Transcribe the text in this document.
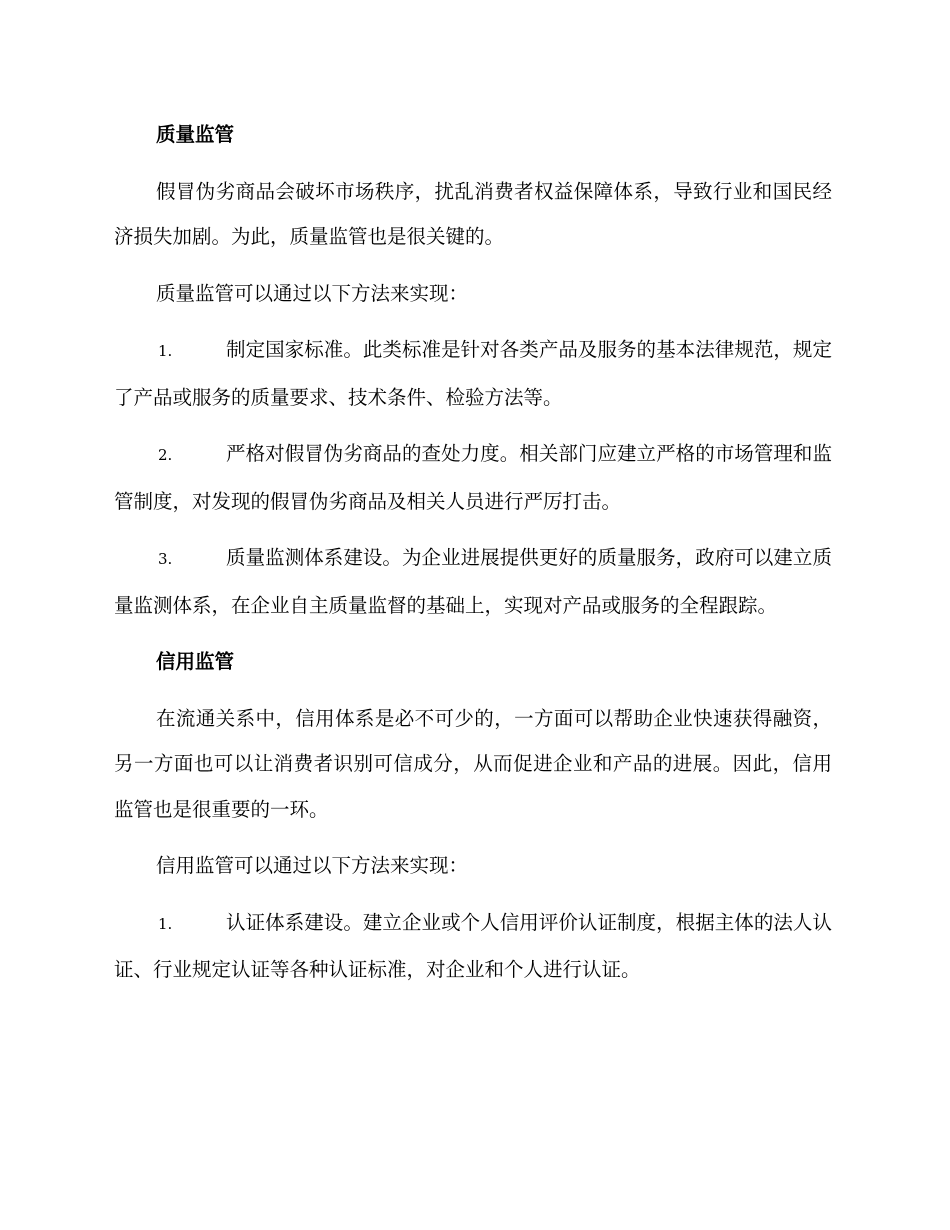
质量监管
假冒伪劣商品会破坏市场秩序，扰乱消费者权益保障体系，导致行业和国民经济损失加剧。为此，质量监管也是很关键的。
质量监管可以通过以下方法来实现：
1.	制定国家标准。此类标准是针对各类产品及服务的基本法律规范，规定了产品或服务的质量要求、技术条件、检验方法等。
2.	严格对假冒伪劣商品的查处力度。相关部门应建立严格的市场管理和监管制度，对发现的假冒伪劣商品及相关人员进行严厉打击。
3.	质量监测体系建设。为企业进展提供更好的质量服务，政府可以建立质量监测体系，在企业自主质量监督的基础上，实现对产品或服务的全程跟踪。
信用监管
在流通关系中，信用体系是必不可少的，一方面可以帮助企业快速获得融资，另一方面也可以让消费者识别可信成分，从而促进企业和产品的进展。因此，信用监管也是很重要的一环。
信用监管可以通过以下方法来实现：
1.	认证体系建设。建立企业或个人信用评价认证制度，根据主体的法人认证、行业规定认证等各种认证标准，对企业和个人进行认证。
